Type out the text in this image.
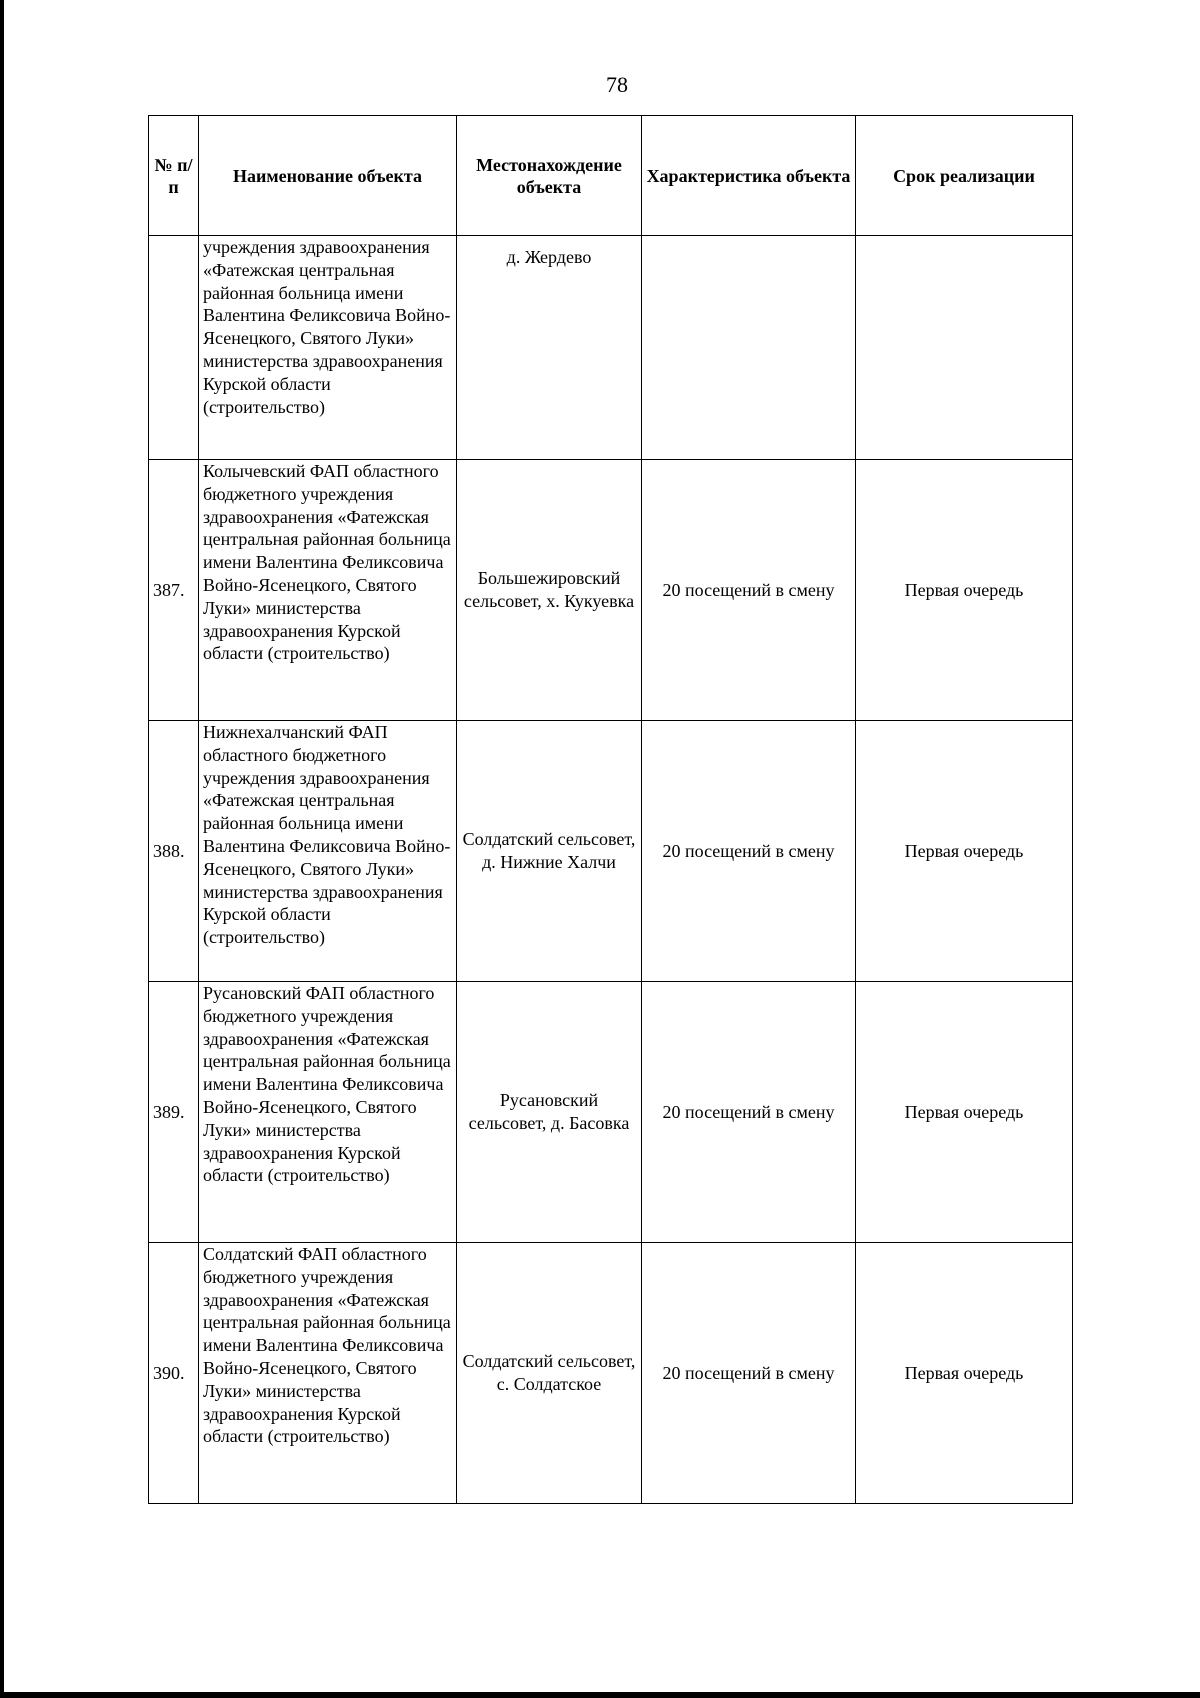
78
№ п/п	Наименование объекта	Местонахождение объекта	Характеристика объекта	Срок реализации
	учреждения здравоохранения «Фатежская центральная районная больница имени Валентина Феликсовича Войно-Ясенецкого, Святого Луки» министерства здравоохранения Курской области (строительство)	д. Жердево		
387.	Колычевский ФАП областного бюджетного учреждения здравоохранения «Фатежская центральная районная больница имени Валентина Феликсовича Войно-Ясенецкого, Святого Луки» министерства здравоохранения Курской области (строительство)	Большежировский сельсовет, х. Кукуевка	20 посещений в смену	Первая очередь
388.	Нижнехалчанский ФАП областного бюджетного учреждения здравоохранения «Фатежская центральная районная больница имени Валентина Феликсовича Войно-Ясенецкого, Святого Луки» министерства здравоохранения Курской области (строительство)	Солдатский сельсовет, д. Нижние Халчи	20 посещений в смену	Первая очередь
389.	Русановский ФАП областного бюджетного учреждения здравоохранения «Фатежская центральная районная больница имени Валентина Феликсовича Войно-Ясенецкого, Святого Луки» министерства здравоохранения Курской области (строительство)	Русановский сельсовет, д. Басовка	20 посещений в смену	Первая очередь
390.	Солдатский ФАП областного бюджетного учреждения здравоохранения «Фатежская центральная районная больница имени Валентина Феликсовича Войно-Ясенецкого, Святого Луки» министерства здравоохранения Курской области (строительство)	Солдатский сельсовет, с. Солдатское	20 посещений в смену	Первая очередь
